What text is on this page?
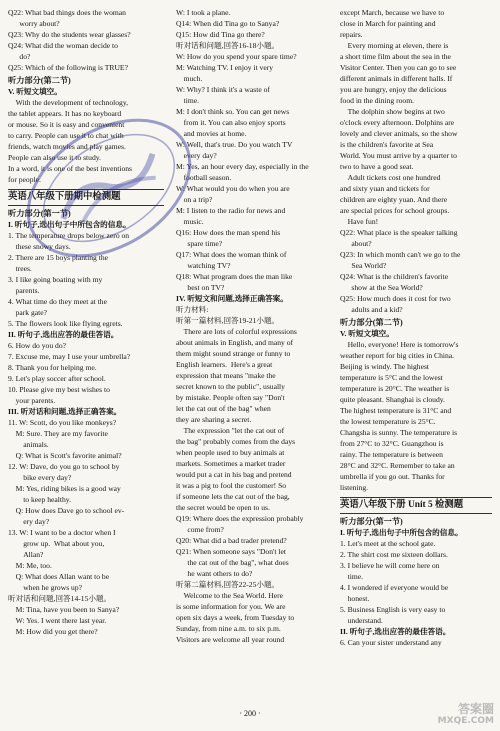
Q22: What bad things does the woman
worry about?
Q23: Why do the students wear glasses?
Q24: What did the woman decide to
do?
Q25: Which of the following is TRUE?
听力部分(第二节)
V. 听短文填空。
With the development of technology,
the tablet appears. It has no keyboard
or mouse. So it is easy and convenient
to carry. People can use it to chat with
friends, watch movies and play games.
People can also use it to study.
In a word, it is one of the best inventions
for people.
英语八年级下册期中检测题
听力部分(第一节)
I. 听句子,选出句子中所包含的信息。
1. The temperature drops below zero on
these snowy days.
2. There are 15 boys planting the
trees.
3. I like going boating with my
parents.
4. What time do they meet at the
park gate?
5. The flowers look like flying egrets.
II. 听句子,选出应答的最佳答语。
6. How do you do?
7. Excuse me, may I use your umbrella?
8. Thank you for helping me.
9. Let's play soccer after school.
10. Please give my best wishes to
your parents.
III. 听对话和问题,选择正确答案。
11. W: Scott, do you like monkeys?
M: Sure. They are my favorite
animals.
Q: What is Scott's favorite animal?
12. W: Dave, do you go to school by
bike every day?
M: Yes, riding bikes is a good way
to keep healthy.
Q: How does Dave go to school ev-
ery day?
13. W: I want to be a doctor when I
grow up.  What about you,
Allan?
M: Me, too.
Q: What does Allan want to be
when he grows up?
听对话和问题,回答14-15小题。
M: Tina, have you been to Sanya?
W: Yes. I went there last year.
M: How did you get there?
W: I took a plane.
Q14: When did Tina go to Sanya?
Q15: How did Tina go there?
听对话和问题,回答16-18小题。
W: How do you spend your spare time?
M: Watching TV. I enjoy it very
much.
W: Why? I think it's a waste of
time.
M: I don't think so. You can get news
from it. You can also enjoy sports
and movies at home.
W: Well, that's true. Do you watch TV
every day?
M: Yes, an hour every day, especially in the
football season.
W: What would you do when you are
on a trip?
M: I listen to the radio for news and
music.
Q16: How does the man spend his
spare time?
Q17: What does the woman think of
watching TV?
Q18: What program does the man like
best on TV?
IV. 听短文和问题,选择正确答案。
听力材料:
听第一篇材料,回答19-21小题。
There are lots of colorful expressions
about animals in English, and many of
them might sound strange or funny to
English learners.  Here's a great
expression that means "make the
secret known to the public", usually
by mistake. People often say "Don't
let the cat out of the bag" when
they are sharing a secret.
The expression "let the cat out of
the bag" probably comes from the days
when people used to buy animals at
markets. Sometimes a market trader
would put a cat in his bag and pretend
it was a pig to fool the customer! So
if someone lets the cat out of the bag,
the secret would be open to us.
Q19: Where does the expression probably
come from?
Q20: What did a bad trader pretend?
Q21: When someone says "Don't let
the cat out of the bag", what does
he want others to do?
听第二篇材料,回答22-25小题。
Welcome to the Sea World. Here
is some information for you. We are
open six days a week, from Tuesday to
Sunday, from nine a.m. to six p.m.
Visitors are welcome all year round
except March, because we have to
close in March for painting and
repairs.
Every morning at eleven, there is
a short time film about the sea in the
Visitor Center. Then you can go to see
different animals in different halls. If
you are hungry, enjoy the delicious
food in the dining room.
The dolphin show begins at two
o'clock every afternoon. Dolphins are
lovely and clever animals, so the show
is the children's favorite at Sea
World. You must arrive by a quarter to
two to have a good seat.
Adult tickets cost one hundred
and sixty yuan and tickets for
children are eighty yuan. And there
are special prices for school groups.
Have fun!
Q22: What place is the speaker talking
about?
Q23: In which month can't we go to the
Sea World?
Q24: What is the children's favorite
show at the Sea World?
Q25: How much does it cost for two
adults and a kid?
听力部分(第二节)
V. 听短文填空。
Hello, everyone! Here is tomorrow's
weather report for big cities in China.
Beijing is windy. The highest
temperature is 5°C and the lowest
temperature is 20°C. The weather is
quite pleasant. Shanghai is cloudy.
The highest temperature is 31°C and
the lowest temperature is 25°C.
Changsha is sunny. The temperature is
from 27°C to 32°C. Guangzhou is
rainy. The temperature is between
28°C and 32°C. Remember to take an
umbrella if you go out. Thanks for
listening.
英语八年级下册 Unit 5 检测题
听力部分(第一节)
I. 听句子,选出句子中所包含的信息。
1. Let's meet at the school gate.
2. The shirt cost me sixteen dollars.
3. I believe he will come here on
time.
4. I wondered if everyone would be
honest.
5. Business English is very easy to
understand.
II. 听句子,选出应答的最佳答语。
6. Can your sister understand any
· 200 ·	答案圈
MXQE.COM
